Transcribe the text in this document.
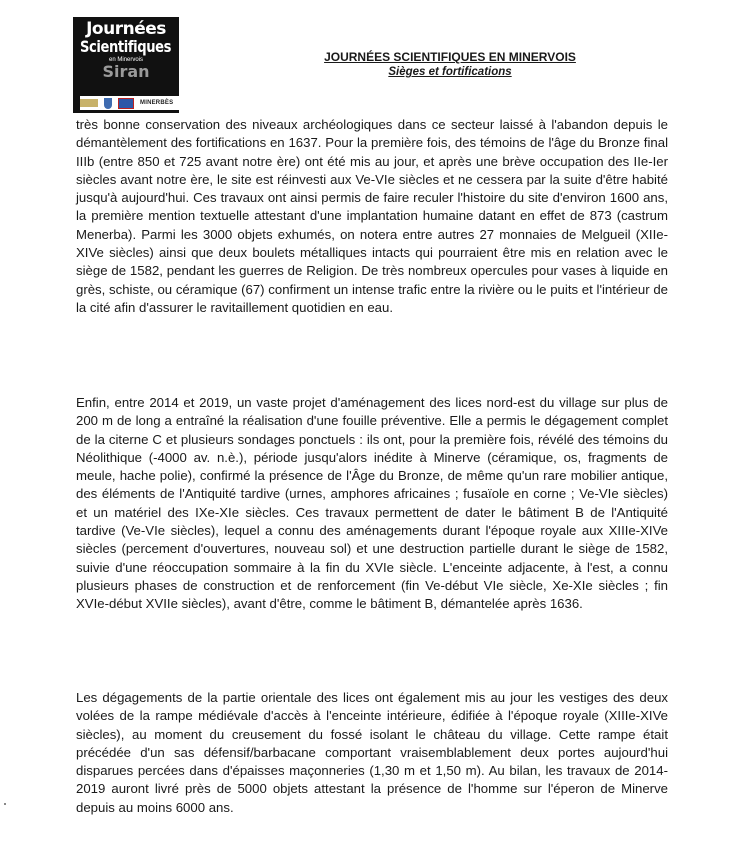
Journées
Scientifiques
en Minervois
Siran
MINERBÈS
JOURNÉES SCIENTIFIQUES EN MINERVOIS
Sièges et fortifications

très bonne conservation des niveaux archéologiques dans ce secteur laissé à l'abandon depuis le démantèlement des fortifications en 1637. Pour la première fois, des témoins de l'âge du Bronze final IIIb (entre 850 et 725 avant notre ère) ont été mis au jour, et après une brève occupation des IIe-Ier siècles avant notre ère, le site est réinvesti aux Ve-VIe siècles et ne cessera par la suite d'être habité jusqu'à aujourd'hui. Ces travaux ont ainsi permis de faire reculer l'histoire du site d'environ 1600 ans, la première mention textuelle attestant d'une implantation humaine datant en effet de 873 (castrum Menerba). Parmi les 3000 objets exhumés, on notera entre autres 27 monnaies de Melgueil (XIIe-XIVe siècles) ainsi que deux boulets métalliques intacts qui pourraient être mis en relation avec le siège de 1582, pendant les guerres de Religion. De très nombreux opercules pour vases à liquide en grès, schiste, ou céramique (67) confirment un intense trafic entre la rivière ou le puits et l'intérieur de la cité afin d'assurer le ravitaillement quotidien en eau.

Enfin, entre 2014 et 2019, un vaste projet d'aménagement des lices nord-est du village sur plus de 200 m de long a entraîné la réalisation d'une fouille préventive. Elle a permis le dégagement complet de la citerne C et plusieurs sondages ponctuels : ils ont, pour la première fois, révélé des témoins du Néolithique (-4000 av. n.è.), période jusqu'alors inédite à Minerve (céramique, os, fragments de meule, hache polie), confirmé la présence de l'Âge du Bronze, de même qu'un rare mobilier antique, des éléments de l'Antiquité tardive (urnes, amphores africaines ; fusaïole en corne ; Ve-VIe siècles) et un matériel des IXe-XIe siècles. Ces travaux permettent de dater le bâtiment B de l'Antiquité tardive (Ve-VIe siècles), lequel a connu des aménagements durant l'époque royale aux XIIIe-XIVe siècles (percement d'ouvertures, nouveau sol) et une destruction partielle durant le siège de 1582, suivie d'une réoccupation sommaire à la fin du XVIe siècle. L'enceinte adjacente, à l'est, a connu plusieurs phases de construction et de renforcement (fin Ve-début VIe siècle, Xe-XIe siècles ; fin XVIe-début XVIIe siècles), avant d'être, comme le bâtiment B, démantelée après 1636.

Les dégagements de la partie orientale des lices ont également mis au jour les vestiges des deux volées de la rampe médiévale d'accès à l'enceinte intérieure, édifiée à l'époque royale (XIIIe-XIVe siècles), au moment du creusement du fossé isolant le château du village. Cette rampe était précédée d'un sas défensif/barbacane comportant vraisemblablement deux portes aujourd'hui disparues percées dans d'épaisses maçonneries (1,30 m et 1,50 m). Au bilan, les travaux de 2014-2019 auront livré près de 5000 objets attestant la présence de l'homme sur l'éperon de Minerve depuis au moins 6000 ans.
